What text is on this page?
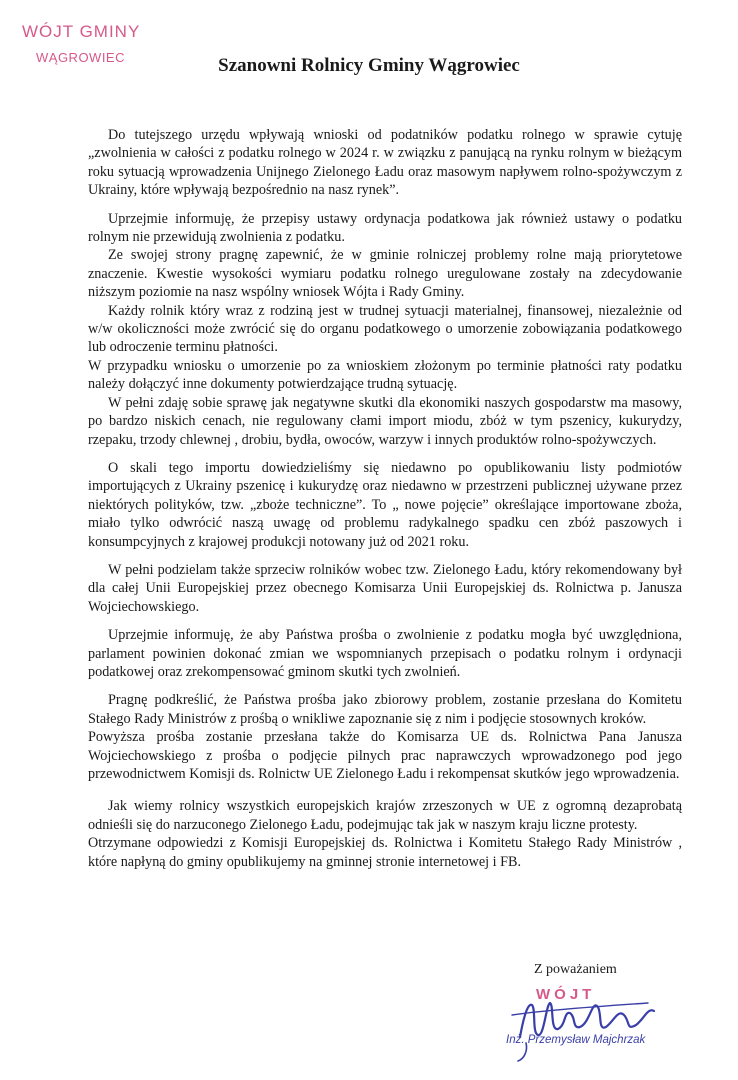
WÓJT GMINY
WĄGROWIEC	Szanowni Rolnicy Gminy Wągrowiec

Do tutejszego urzędu wpływają wnioski od podatników podatku rolnego w sprawie cytuję „zwolnienia w całości z podatku rolnego w 2024 r. w związku z panującą na rynku rolnym w bieżącym roku sytuacją wprowadzenia Unijnego Zielonego Ładu oraz masowym napływem rolno-spożywczym z Ukrainy, które wpływają bezpośrednio na nasz rynek”.

Uprzejmie informuję, że przepisy ustawy ordynacja podatkowa jak również ustawy o podatku rolnym nie przewidują zwolnienia z podatku.

Ze swojej strony pragnę zapewnić, że w gminie rolniczej problemy rolne mają priorytetowe znaczenie. Kwestie wysokości wymiaru podatku rolnego uregulowane zostały na zdecydowanie niższym poziomie na nasz wspólny wniosek Wójta i Rady Gminy.

Każdy rolnik który wraz z rodziną jest w trudnej sytuacji materialnej, finansowej, niezależnie od w/w okoliczności może zwrócić się do organu podatkowego o umorzenie zobowiązania podatkowego lub odroczenie terminu płatności.

W przypadku wniosku o umorzenie po za wnioskiem złożonym po terminie płatności raty podatku należy dołączyć inne dokumenty potwierdzające trudną sytuację.

W pełni zdaję sobie sprawę jak negatywne skutki dla ekonomiki naszych gospodarstw ma masowy, po bardzo niskich cenach, nie regulowany cłami import miodu, zbóż w tym pszenicy, kukurydzy, rzepaku, trzody chlewnej , drobiu, bydła, owoców, warzyw i innych produktów rolno-spożywczych.

O skali tego importu dowiedzieliśmy się niedawno po opublikowaniu listy podmiotów importujących z Ukrainy pszenicę i kukurydzę oraz niedawno w przestrzeni publicznej używane przez niektórych polityków, tzw. „zboże techniczne”. To „ nowe pojęcie” określające importowane zboża, miało tylko odwrócić naszą uwagę od problemu radykalnego spadku cen zbóż paszowych i konsumpcyjnych z krajowej produkcji notowany już od 2021 roku.

W pełni podzielam także sprzeciw rolników wobec tzw. Zielonego Ładu, który rekomendowany był dla całej Unii Europejskiej przez obecnego Komisarza Unii Europejskiej ds. Rolnictwa p. Janusza Wojciechowskiego.

Uprzejmie informuję, że aby Państwa prośba o zwolnienie z podatku mogła być uwzględniona, parlament powinien dokonać zmian we wspomnianych przepisach o podatku rolnym i ordynacji podatkowej oraz zrekompensować gminom skutki tych zwolnień.

Pragnę podkreślić, że Państwa prośba jako zbiorowy problem, zostanie przesłana do Komitetu Stałego Rady Ministrów z prośbą o wnikliwe zapoznanie się z nim i podjęcie stosownych kroków.

Powyższa prośba zostanie przesłana także do Komisarza UE ds. Rolnictwa Pana Janusza Wojciechowskiego z prośba o podjęcie pilnych prac naprawczych wprowadzonego pod jego przewodnictwem Komisji ds. Rolnictw UE Zielonego Ładu i rekompensat skutków jego wprowadzenia.

Jak wiemy rolnicy wszystkich europejskich krajów zrzeszonych w UE z ogromną dezaprobatą odnieśli się do narzuconego Zielonego Ładu, podejmując tak jak w naszym kraju liczne protesty.

Otrzymane odpowiedzi z Komisji Europejskiej ds. Rolnictwa i Komitetu Stałego Rady Ministrów , które napłyną do gminy opublikujemy na gminnej stronie internetowej i FB.

Z poważaniem
WÓJT
Inż. Przemysław Majchrzak
